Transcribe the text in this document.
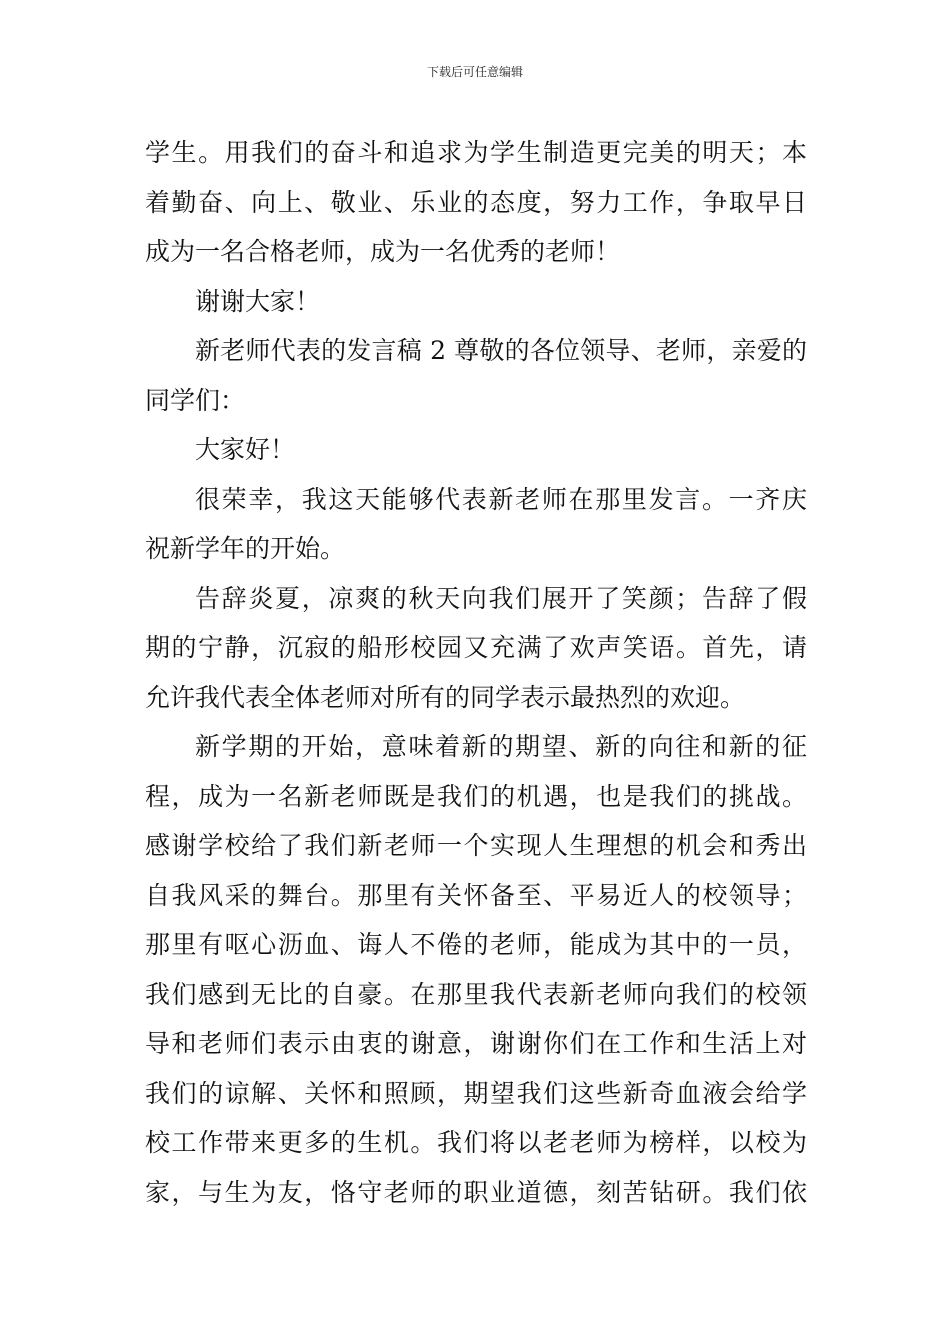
下载后可任意编辑
学生。用我们的奋斗和追求为学生制造更完美的明天；本
着勤奋、向上、敬业、乐业的态度，努力工作，争取早日
成为一名合格老师，成为一名优秀的老师！
谢谢大家！
新老师代表的发言稿 2 尊敬的各位领导、老师，亲爱的
同学们：
大家好！
很荣幸，我这天能够代表新老师在那里发言。一齐庆
祝新学年的开始。
告辞炎夏，凉爽的秋天向我们展开了笑颜；告辞了假
期的宁静，沉寂的船形校园又充满了欢声笑语。首先，请
允许我代表全体老师对所有的同学表示最热烈的欢迎。
新学期的开始，意味着新的期望、新的向往和新的征
程，成为一名新老师既是我们的机遇，也是我们的挑战。
感谢学校给了我们新老师一个实现人生理想的机会和秀出
自我风采的舞台。那里有关怀备至、平易近人的校领导；
那里有呕心沥血、诲人不倦的老师，能成为其中的一员，
我们感到无比的自豪。在那里我代表新老师向我们的校领
导和老师们表示由衷的谢意，谢谢你们在工作和生活上对
我们的谅解、关怀和照顾，期望我们这些新奇血液会给学
校工作带来更多的生机。我们将以老老师为榜样，以校为
家，与生为友，恪守老师的职业道德，刻苦钻研。我们依
